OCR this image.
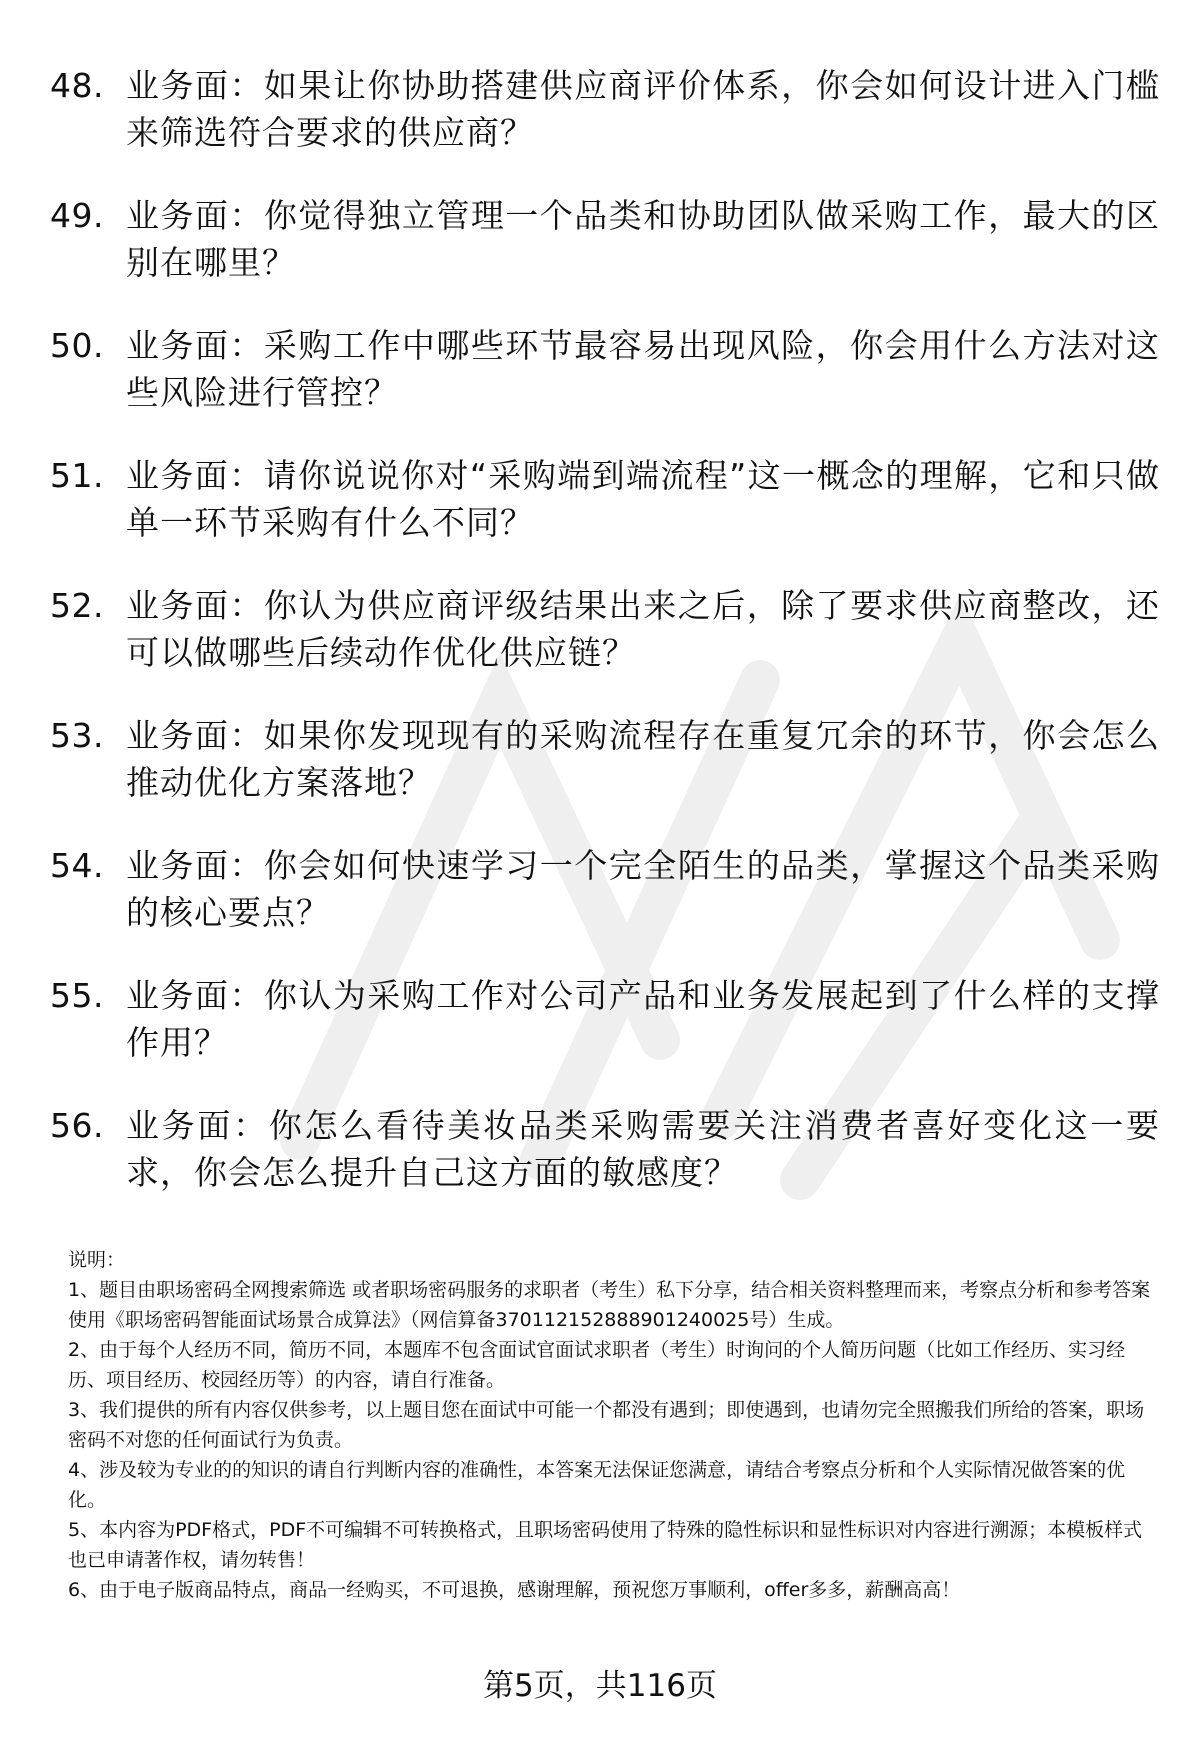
48. 业务面：如果让你协助搭建供应商评价体系，你会如何设计进入门槛来筛选符合要求的供应商？
49. 业务面：你觉得独立管理一个品类和协助团队做采购工作，最大的区别在哪里？
50. 业务面：采购工作中哪些环节最容易出现风险，你会用什么方法对这些风险进行管控？
51. 业务面：请你说说你对“采购端到端流程”这一概念的理解，它和只做单一环节采购有什么不同？
52. 业务面：你认为供应商评级结果出来之后，除了要求供应商整改，还可以做哪些后续动作优化供应链？
53. 业务面：如果你发现现有的采购流程存在重复冗余的环节，你会怎么推动优化方案落地？
54. 业务面：你会如何快速学习一个完全陌生的品类，掌握这个品类采购的核心要点？
55. 业务面：你认为采购工作对公司产品和业务发展起到了什么样的支撑作用？
56. 业务面：你怎么看待美妆品类采购需要关注消费者喜好变化这一要求，你会怎么提升自己这方面的敏感度？

说明：

1、题目由职场密码全网搜索筛选 或者职场密码服务的求职者（考生）私下分享，结合相关资料整理而来，考察点分析和参考答案使用《职场密码智能面试场景合成算法》（网信算备370112152888901240025号）生成。

2、由于每个人经历不同，简历不同，本题库不包含面试官面试求职者（考生）时询问的个人简历问题（比如工作经历、实习经历、项目经历、校园经历等）的内容，请自行准备。

3、我们提供的所有内容仅供参考，以上题目您在面试中可能一个都没有遇到；即使遇到，也请勿完全照搬我们所给的答案，职场密码不对您的任何面试行为负责。

4、涉及较为专业的的知识的请自行判断内容的准确性，本答案无法保证您满意，请结合考察点分析和个人实际情况做答案的优化。

5、本内容为PDF格式，PDF不可编辑不可转换格式，且职场密码使用了特殊的隐性标识和显性标识对内容进行溯源；本模板样式也已申请著作权，请勿转售！

6、由于电子版商品特点，商品一经购买，不可退换，感谢理解，预祝您万事顺利，offer多多，薪酬高高！

第5页，共116页
